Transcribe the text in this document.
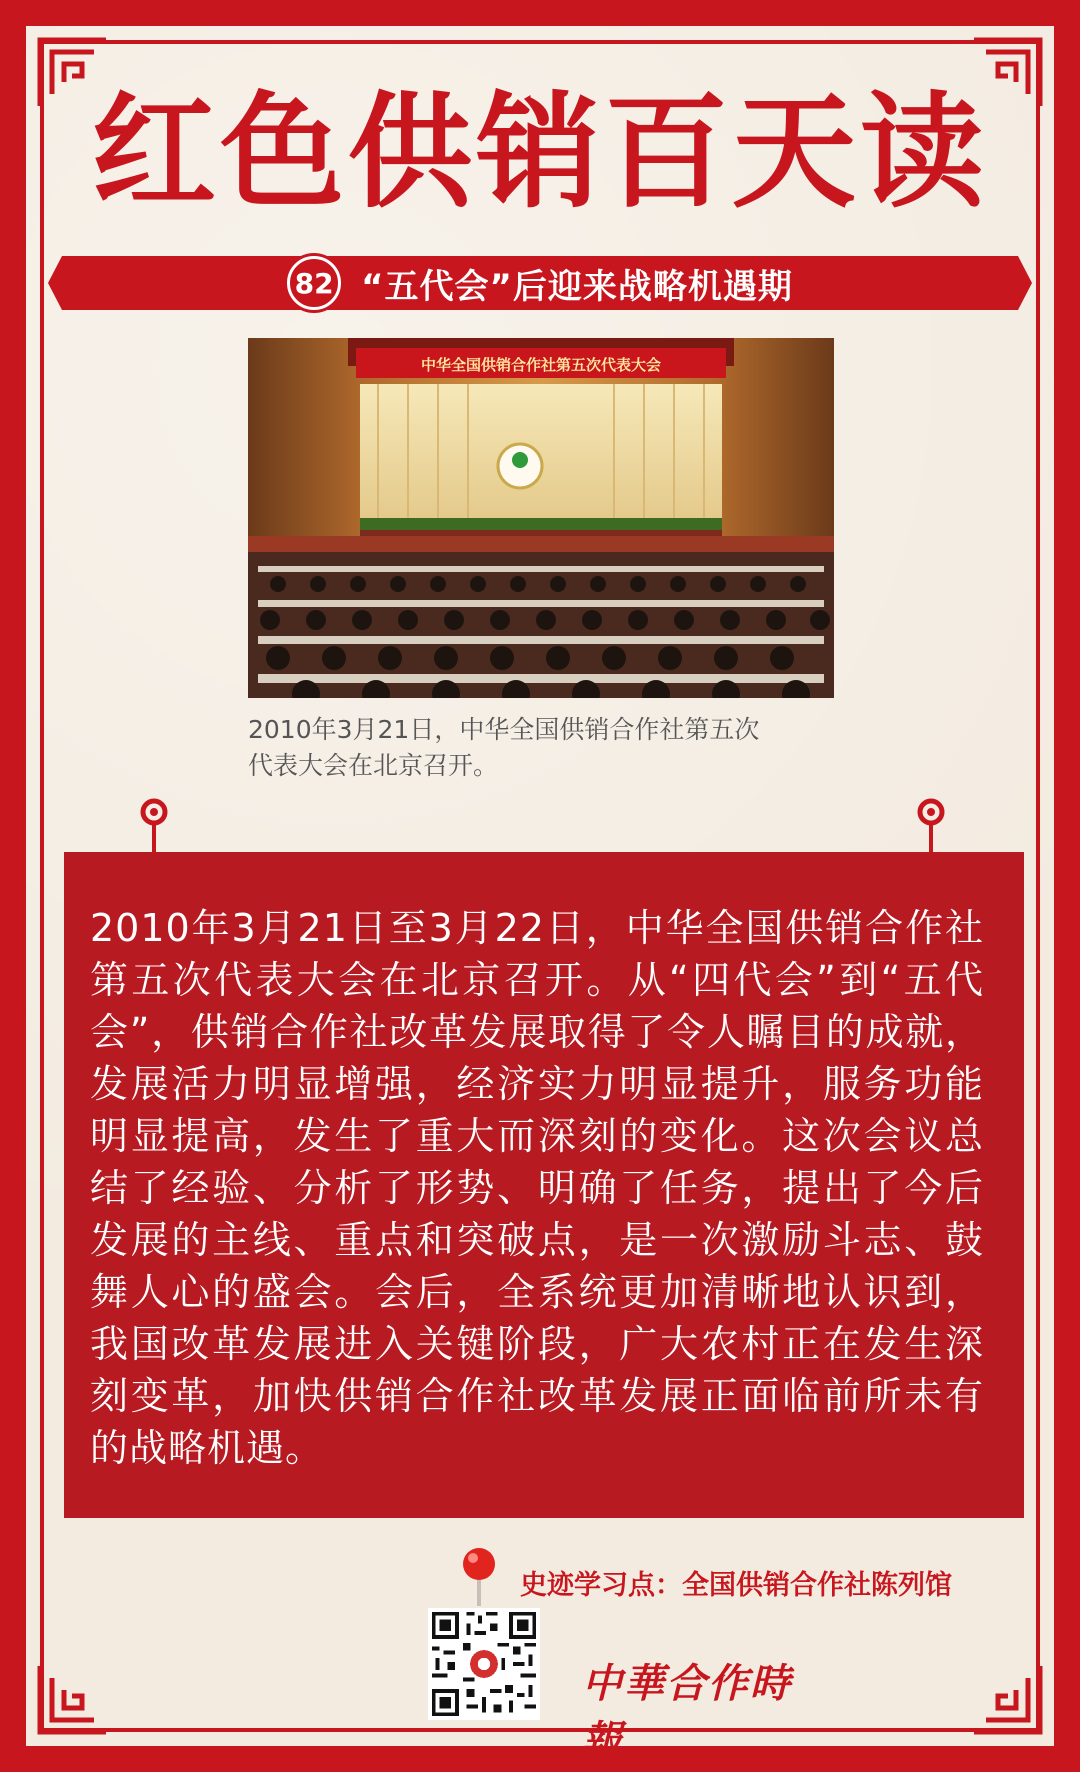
红色供销百天读
82 “五代会”后迎来战略机遇期
中华全国供销合作社第五次代表大会
2010年3月21日，中华全国供销合作社第五次
代表大会在北京召开。

2010年3月21日至3月22日，中华全国供销合作社第五次代表大会在北京召开。从“四代会”到“五代会”，供销合作社改革发展取得了令人瞩目的成就，发展活力明显增强，经济实力明显提升，服务功能明显提高，发生了重大而深刻的变化。这次会议总结了经验、分析了形势、明确了任务，提出了今后发展的主线、重点和突破点，是一次激励斗志、鼓舞人心的盛会。会后，全系统更加清晰地认识到，我国改革发展进入关键阶段，广大农村正在发生深刻变革，加快供销合作社改革发展正面临前所未有的战略机遇。

史迹学习点：全国供销合作社陈列馆
中華合作時報
